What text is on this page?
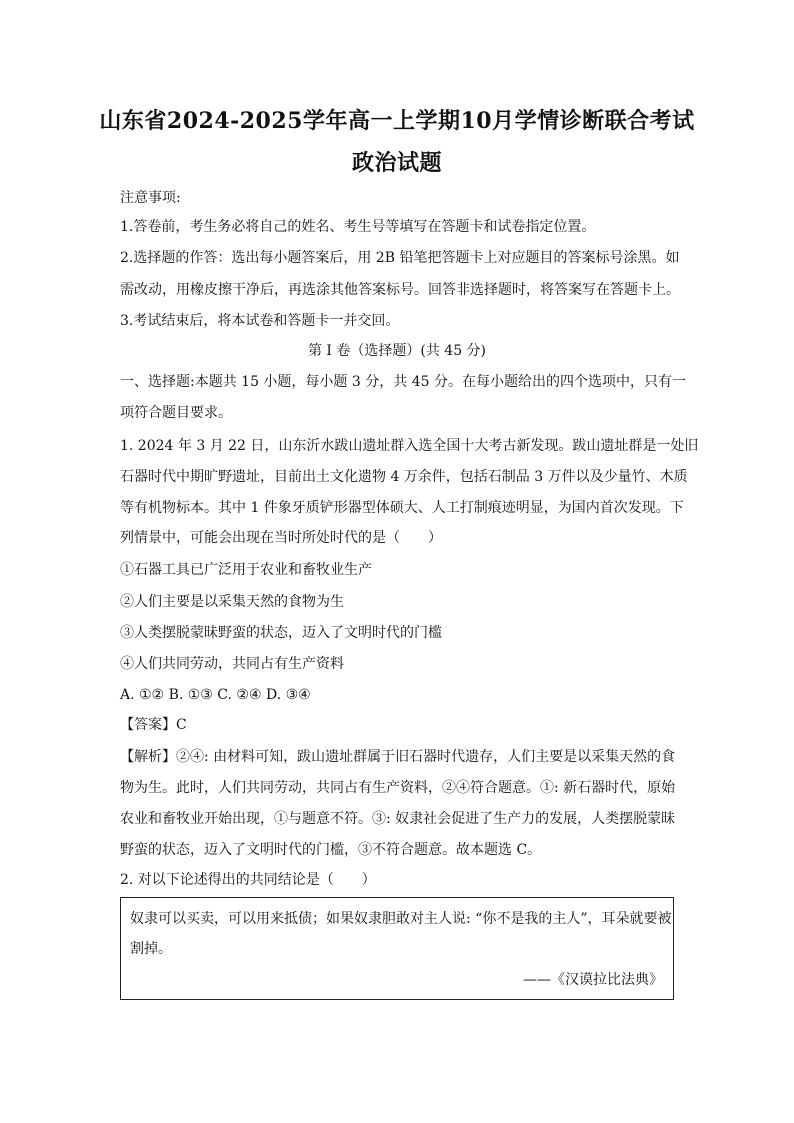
山东省2024-2025学年高一上学期10月学情诊断联合考试
政治试题
注意事项:
1.答卷前，考生务必将自己的姓名、考生号等填写在答题卡和试卷指定位置。
2.选择题的作答：选出每小题答案后，用 2B 铅笔把答题卡上对应题目的答案标号涂黑。如
需改动，用橡皮擦干净后，再选涂其他答案标号。回答非选择题时，将答案写在答题卡上。
3.考试结束后，将本试卷和答题卡一并交回。
第 I 卷（选择题）(共 45 分)
一、选择题:本题共 15 小题，每小题 3 分，共 45 分。在每小题给出的四个选项中，只有一
项符合题目要求。
1. 2024 年 3 月 22 日，山东沂水跋山遗址群入选全国十大考古新发现。跋山遗址群是一处旧
石器时代中期旷野遗址，目前出土文化遗物 4 万余件，包括石制品 3 万件以及少量竹、木质
等有机物标本。其中 1 件象牙质铲形器型体硕大、人工打制痕迹明显，为国内首次发现。下
列情景中，可能会出现在当时所处时代的是（　　）
①石器工具已广泛用于农业和畜牧业生产
②人们主要是以采集天然的食物为生
③人类摆脱蒙昧野蛮的状态，迈入了文明时代的门槛
④人们共同劳动，共同占有生产资料
A. ①② B. ①③ C. ②④ D. ③④
【答案】C
【解析】②④: 由材料可知，跋山遗址群属于旧石器时代遗存，人们主要是以采集天然的食
物为生。此时，人们共同劳动，共同占有生产资料，②④符合题意。①: 新石器时代，原始
农业和畜牧业开始出现，①与题意不符。③: 奴隶社会促进了生产力的发展，人类摆脱蒙昧
野蛮的状态，迈入了文明时代的门槛，③不符合题意。故本题选 C。
2. 对以下论述得出的共同结论是（　　）
奴隶可以买卖，可以用来抵债；如果奴隶胆敢对主人说: “你不是我的主人”，耳朵就要被
割掉。
——《汉谟拉比法典》
